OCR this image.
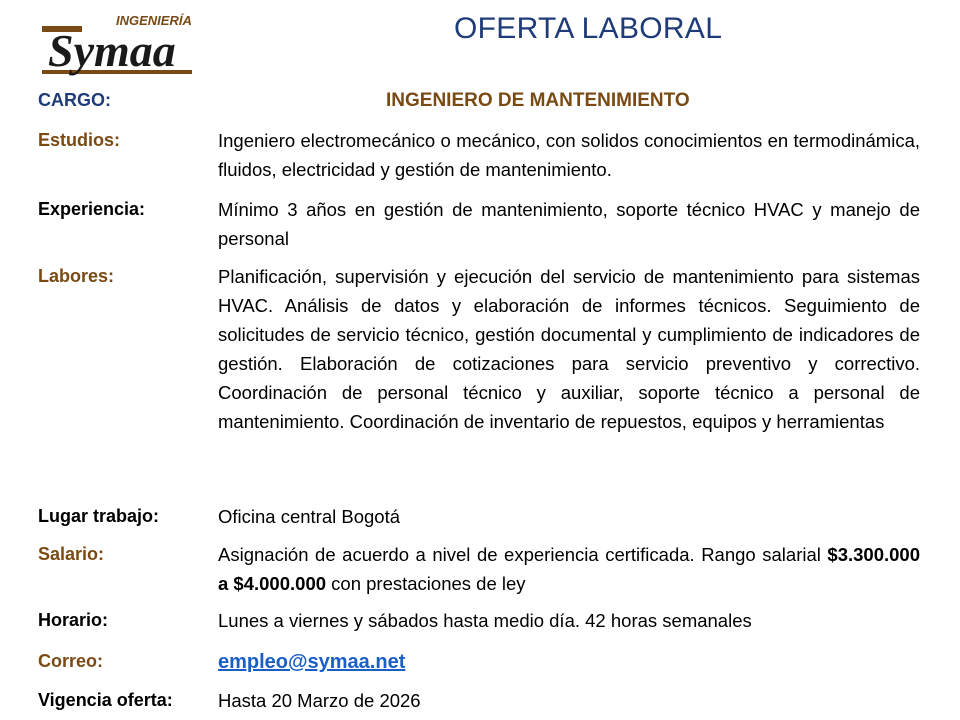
INGENIERÍA
Symaa	OFERTA LABORAL
CARGO:	INGENIERO DE MANTENIMIENTO
Estudios:	Ingeniero electromecánico o mecánico, con solidos conocimientos en termodinámica, fluidos, electricidad y gestión de mantenimiento.
Experiencia:	Mínimo 3 años en gestión de mantenimiento, soporte técnico HVAC y manejo de personal
Labores:	Planificación, supervisión y ejecución del servicio de mantenimiento para sistemas HVAC. Análisis de datos y elaboración de informes técnicos. Seguimiento de solicitudes de servicio técnico, gestión documental y cumplimiento de indicadores de gestión. Elaboración de cotizaciones para servicio preventivo y correctivo. Coordinación de personal técnico y auxiliar, soporte técnico a personal de mantenimiento. Coordinación de inventario de repuestos, equipos y herramientas
Lugar trabajo:	Oficina central Bogotá
Salario:	Asignación de acuerdo a nivel de experiencia certificada. Rango salarial $3.300.000 a $4.000.000 con prestaciones de ley
Horario:	Lunes a viernes y sábados hasta medio día. 42 horas semanales
Correo:	empleo@symaa.net
Vigencia oferta:	Hasta 20 Marzo de 2026
